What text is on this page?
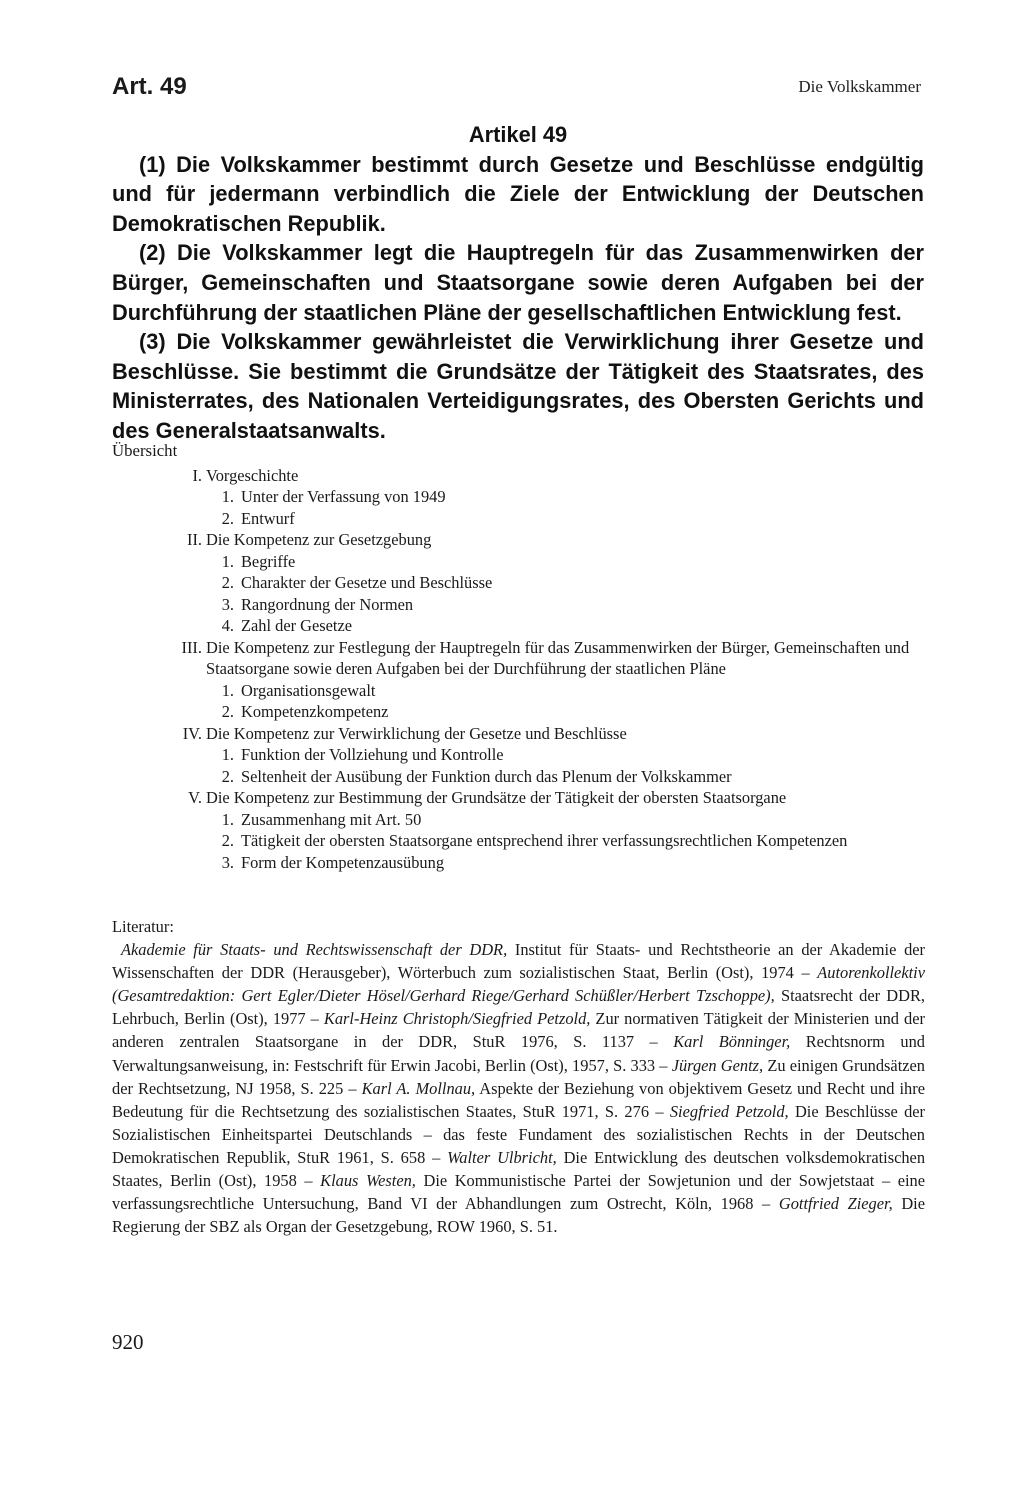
Art. 49	Die Volkskammer

Artikel 49

(1) Die Volkskammer bestimmt durch Gesetze und Beschlüsse endgültig und für jedermann verbindlich die Ziele der Entwicklung der Deutschen Demokratischen Republik.

(2) Die Volkskammer legt die Hauptregeln für das Zusammenwirken der Bürger, Gemeinschaften und Staatsorgane sowie deren Aufgaben bei der Durchführung der staatlichen Pläne der gesellschaftlichen Entwicklung fest.

(3) Die Volkskammer gewährleistet die Verwirklichung ihrer Gesetze und Beschlüsse. Sie bestimmt die Grundsätze der Tätigkeit des Staatsrates, des Ministerrates, des Nationalen Verteidigungsrates, des Obersten Gerichts und des Generalstaatsanwalts.

Übersicht

I. Vorgeschichte
1. Unter der Verfassung von 1949
2. Entwurf
II. Die Kompetenz zur Gesetzgebung
1. Begriffe
2. Charakter der Gesetze und Beschlüsse
3. Rangordnung der Normen
4. Zahl der Gesetze
III. Die Kompetenz zur Festlegung der Hauptregeln für das Zusammenwirken der Bürger, Gemeinschaften und Staatsorgane sowie deren Aufgaben bei der Durchführung der staatlichen Pläne
1. Organisationsgewalt
2. Kompetenzkompetenz
IV. Die Kompetenz zur Verwirklichung der Gesetze und Beschlüsse
1. Funktion der Vollziehung und Kontrolle
2. Seltenheit der Ausübung der Funktion durch das Plenum der Volkskammer
V. Die Kompetenz zur Bestimmung der Grundsätze der Tätigkeit der obersten Staatsorgane
1. Zusammenhang mit Art. 50
2. Tätigkeit der obersten Staatsorgane entsprechend ihrer verfassungsrechtlichen Kompetenzen
3. Form der Kompetenzausübung

Literatur:

Akademie für Staats- und Rechtswissenschaft der DDR, Institut für Staats- und Rechtstheorie an der Akademie der Wissenschaften der DDR (Herausgeber), Wörterbuch zum sozialistischen Staat, Berlin (Ost), 1974 – Autorenkollektiv (Gesamtredaktion: Gert Egler/Dieter Hösel/Gerhard Riege/Gerhard Schüßler/Herbert Tzschoppe), Staatsrecht der DDR, Lehrbuch, Berlin (Ost), 1977 – Karl-Heinz Christoph/Siegfried Petzold, Zur normativen Tätigkeit der Ministerien und der anderen zentralen Staatsorgane in der DDR, StuR 1976, S. 1137 – Karl Bönninger, Rechtsnorm und Verwaltungsanweisung, in: Festschrift für Erwin Jacobi, Berlin (Ost), 1957, S. 333 – Jürgen Gentz, Zu einigen Grundsätzen der Rechtsetzung, NJ 1958, S. 225 – Karl A. Mollnau, Aspekte der Beziehung von objektivem Gesetz und Recht und ihre Bedeutung für die Rechtsetzung des sozialistischen Staates, StuR 1971, S. 276 – Siegfried Petzold, Die Beschlüsse der Sozialistischen Einheitspartei Deutschlands – das feste Fundament des sozialistischen Rechts in der Deutschen Demokratischen Republik, StuR 1961, S. 658 – Walter Ulbricht, Die Entwicklung des deutschen volksdemokratischen Staates, Berlin (Ost), 1958 – Klaus Westen, Die Kommunistische Partei der Sowjetunion und der Sowjetstaat – eine verfassungsrechtliche Untersuchung, Band VI der Abhandlungen zum Ostrecht, Köln, 1968 – Gottfried Zieger, Die Regierung der SBZ als Organ der Gesetzgebung, ROW 1960, S. 51.

920
